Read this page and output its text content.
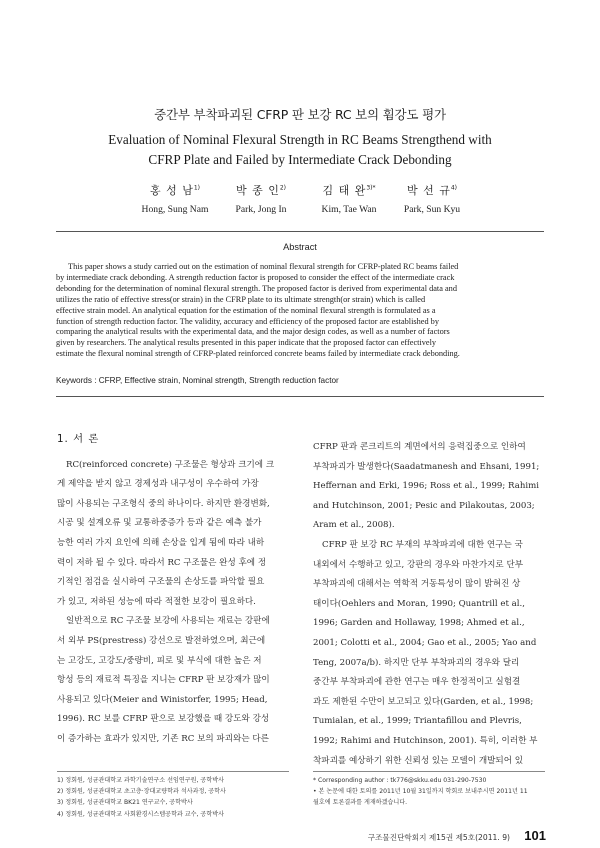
중간부 부착파괴된 CFRP 판 보강 RC 보의 휨강도 평가
Evaluation of Nominal Flexural Strength in RC Beams Strengthend with
CFRP Plate and Failed by Intermediate Crack Debonding
홍 성 남$^{1)}$
Hong, Sung Nam
박 종 인$^{2)}$
Park, Jong In
김 태 완$^{3)*}$
Kim, Tae Wan
박 선 규$^{4)}$
Park, Sun Kyu
Abstract
This paper shows a study carried out on the estimation of nominal flexural strength for CFRP-plated RC beams failed
by intermediate crack debonding. A strength reduction factor is proposed to consider the effect of the intermediate crack
debonding for the determination of nominal flexural strength. The proposed factor is derived from experimental data and
utilizes the ratio of effective stress(or strain) in the CFRP plate to its ultimate strength(or strain) which is called
effective strain model. An analytical equation for the estimation of the nominal flexural strength is formulated as a
function of strength reduction factor. The validity, accuracy and efficiency of the proposed factor are established by
comparing the analytical results with the experimental data, and the major design codes, as well as a number of factors
given by researchers. The analytical results presented in this paper indicate that the proposed factor can effectively
estimate the flexural nominal strength of CFRP-plated reinforced concrete beams failed by intermediate crack debonding.
Keywords : CFRP, Effective strain, Nominal strength, Strength reduction factor
1. 서 론

RC(reinforced concrete) 구조물은 형상과 크기에 크

게 제약을 받지 않고 경제성과 내구성이 우수하여 가장

많이 사용되는 구조형식 중의 하나이다. 하지만 환경변화,

시공 및 설계오류 및 교통하중증가 등과 같은 예측 불가

능한 여러 가지 요인에 의해 손상을 입게 됨에 따라 내하

력이 저하 될 수 있다. 따라서 RC 구조물은 완성 후에 정

기적인 점검을 실시하여 구조물의 손상도를 파악할 필요

가 있고, 저하된 성능에 따라 적절한 보강이 필요하다.

일반적으로 RC 구조물 보강에 사용되는 재료는 강판에

서 외부 PS(prestress) 강선으로 발전하였으며, 최근에

는 고강도, 고강도/중량비, 피로 및 부식에 대한 높은 저

항성 등의 재료적 특징을 지니는 CFRP 판 보강재가 많이

사용되고 있다(Meier and Winistorfer, 1995; Head,

1996). RC 보를 CFRP 판으로 보강했을 때 강도와 강성

이 증가하는 효과가 있지만, 기존 RC 보의 파괴와는 다른

CFRP 판과 콘크리트의 계면에서의 응력집중으로 인하여

부착파괴가 발생한다(Saadatmanesh and Ehsani, 1991;

Heffernan and Erki, 1996; Ross et al., 1999; Rahimi

and Hutchinson, 2001; Pesic and Pilakoutas, 2003;

Aram et al., 2008).

CFRP 판 보강 RC 부재의 부착파괴에 대한 연구는 국

내외에서 수행하고 있고, 강판의 경우와 마찬가지로 단부

부착파괴에 대해서는 역학적 거동특성이 많이 밝혀진 상

태이다(Oehlers and Moran, 1990; Quantrill et al.,

1996; Garden and Hollaway, 1998; Ahmed et al.,

2001; Colotti et al., 2004; Gao et al., 2005; Yao and

Teng, 2007a/b). 하지만 단부 부착파괴의 경우와 달리

중간부 부착파괴에 관한 연구는 매우 한정적이고 실험결

과도 제한된 수만이 보고되고 있다(Garden, et al., 1998;

Tumialan, et al., 1999; Triantafillou and Plevris,

1992; Rahimi and Hutchinson, 2001). 특히, 이러한 부

착파괴를 예상하기 위한 신뢰성 있는 모델이 개발되어 있

1) 정회원, 성균관대학교 과학기술연구소 선임연구원, 공학박사
2) 정회원, 성균관대학교 초고층·장대교량학과 석사과정, 공학사
3) 정회원, 성균관대학교 BK21 연구교수, 공학박사
4) 정회원, 성균관대학교 사회환경시스템공학과 교수, 공학박사
* Corresponding author : tk776@skku.edu 031-290-7530
• 본 논문에 대한 토의를 2011년 10월 31일까지 학회로 보내주시면 2011년 11
월호에 토론결과를 게재하겠습니다.
구조물진단학회지 제15권 제5호(2011. 9)	101
